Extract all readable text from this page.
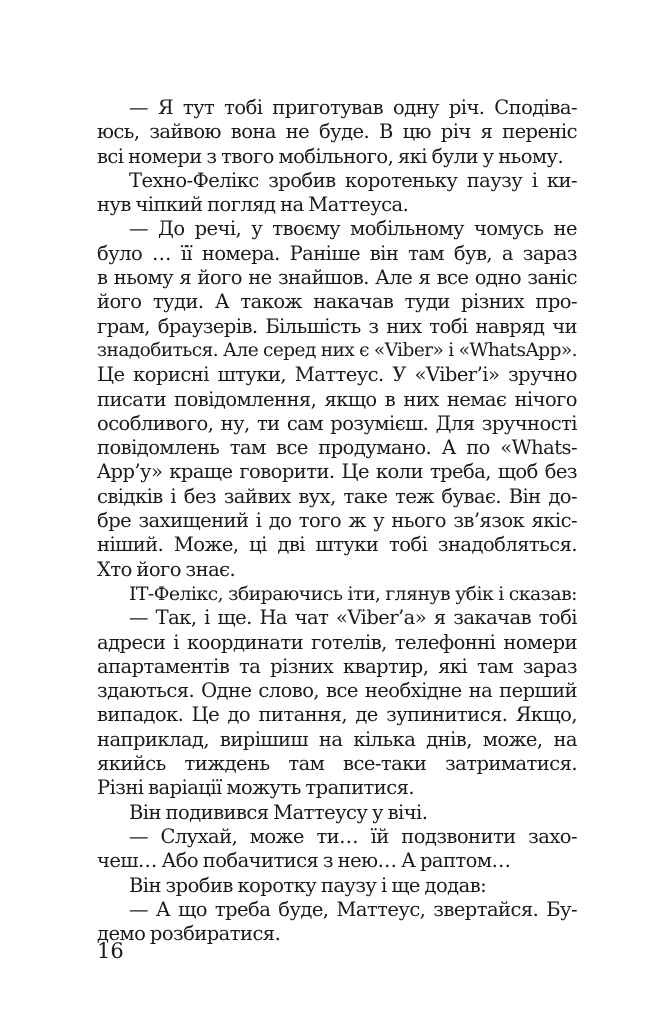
— Я тут тобі приготував одну річ. Сподіва-
юсь, зайвою вона не буде. В цю річ я переніс
всі номери з твого мобільного, які були у ньому.
Техно-Фелікс зробив коротеньку паузу і ки-
нув чіпкий погляд на Маттеуса.
— До речі, у твоєму мобільному чомусь не
було … її номера. Раніше він там був, а зараз
в ньому я його не знайшов. Але я все одно заніс
його туди. А також накачав туди різних про-
грам, браузерів. Більшість з них тобі навряд чи
знадобиться. Але серед них є «Viber» і «WhatsApp».
Це корисні штуки, Маттеус. У «Viber’і» зручно
писати повідомлення, якщо в них немає нічого
особливого, ну, ти сам розумієш. Для зручності
повідомлень там все продумано. А по «Whats-
App’у» краще говорити. Це коли треба, щоб без
свідків і без зайвих вух, таке теж буває. Він до-
бре захищений і до того ж у нього зв’язок якіс-
ніший. Може, ці дві штуки тобі знадобляться.
Хто його знає.
ІТ-Фелікс, збираючись іти, глянув убік і сказав:
— Так, і ще. На чат «Viber’а» я закачав тобі
адреси і координати готелів, телефонні номери
апартаментів та різних квартир, які там зараз
здаються. Одне слово, все необхідне на перший
випадок. Це до питання, де зупинитися. Якщо,
наприклад, вирішиш на кілька днів, може, на
якийсь тиждень там все-таки затриматися.
Різні варіації можуть трапитися.
Він подивився Маттеусу у вічі.
— Слухай, може ти… їй подзвонити захо-
чеш… Або побачитися з нею… А раптом…
Він зробив коротку паузу і ще додав:
— А що треба буде, Маттеус, звертайся. Бу-
демо розбиратися.
16
